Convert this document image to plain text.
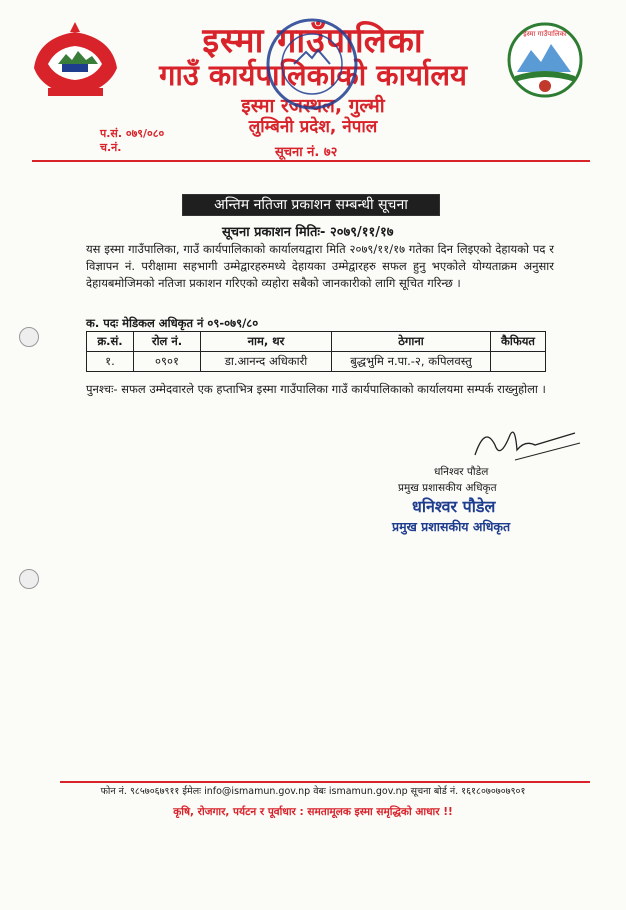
इस्मा गाउँपालिका
इस्मा गाउँपालिका
गाउँ कार्यपालिकाको कार्यालय
इस्मा रजस्थल, गुल्मी
लुम्बिनी प्रदेश, नेपाल
प.सं. ०७९/०८०
च.नं.	सूचना नं. ७२
अन्तिम नतिजा प्रकाशन सम्बन्धी सूचना
सूचना प्रकाशन मितिः- २०७९/११/१७
यस इस्मा गाउँपालिका, गाउँ कार्यपालिकाको कार्यालयद्वारा मिति २०७९/११/१७ गतेका दिन लिइएको देहायको पद र विज्ञापन नं. परीक्षामा सहभागी उम्मेद्वारहरुमध्ये देहायका उम्मेद्वारहरु सफल हुनु भएकोले योग्यताक्रम अनुसार देहायबमोजिमको नतिजा प्रकाशन गरिएको व्यहोरा सबैको जानकारीको लागि सूचित गरिन्छ ।
क. पदः मेडिकल अधिकृत नं ०९-०७९/८०
क्र.सं.	रोल नं.	नाम, थर	ठेगाना	कैफियत
१.	०९०१	डा.आनन्द अधिकारी	बुद्धभुमि न.पा.-२, कपिलवस्तु	
पुनश्चः- सफल उम्मेदवारले एक हप्ताभित्र इस्मा गाउँपालिका गाउँ कार्यपालिकाको कार्यालयमा सम्पर्क राख्नुहोला ।
धनिश्वर पौडेल
प्रमुख प्रशासकीय अधिकृत
धनिश्वर पौडेल
प्रमुख प्रशासकीय अधिकृत
फोन नं. ९८५७०६७९११ ईमेलः info@ismamun.gov.np वेबः ismamun.gov.np सूचना बोर्ड नं. १६१८०७०७०७९०१
कृषि, रोजगार, पर्यटन र पूर्वाधार : समतामूलक इस्मा समृद्धिको आधार !!
